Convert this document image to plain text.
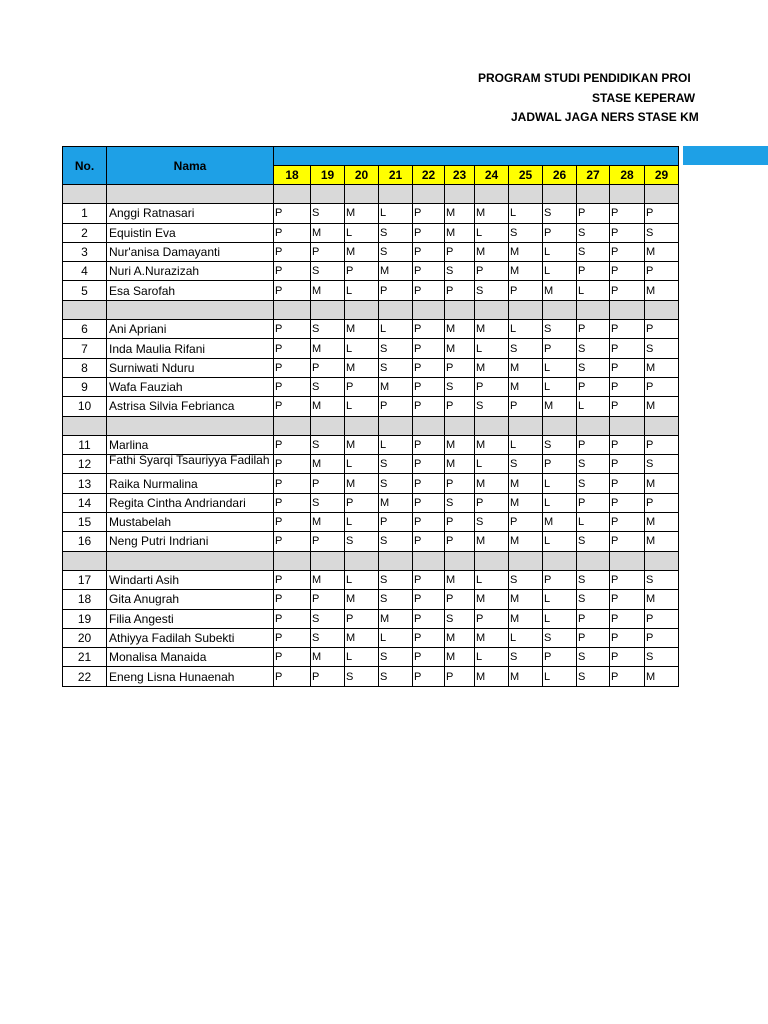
PROGRAM STUDI PENDIDIKAN PROI
STASE KEPERAW
JADWAL JAGA NERS STASE KM
No.	Nama												
		18	19	20	21	22	23	24	25	26	27	28	29

1	Anggi Ratnasari	P	S	M	L	P	M	M	L	S	P	P	P
2	Equistin Eva	P	M	L	S	P	M	L	S	P	S	P	S
3	Nur'anisa Damayanti	P	P	M	S	P	P	M	M	L	S	P	M
4	Nuri A.Nurazizah	P	S	P	M	P	S	P	M	L	P	P	P
5	Esa Sarofah	P	M	L	P	P	P	S	P	M	L	P	M

6	Ani Apriani	P	S	M	L	P	M	M	L	S	P	P	P
7	Inda Maulia Rifani	P	M	L	S	P	M	L	S	P	S	P	S
8	Surniwati Nduru	P	P	M	S	P	P	M	M	L	S	P	M
9	Wafa Fauziah	P	S	P	M	P	S	P	M	L	P	P	P
10	Astrisa Silvia Febrianca	P	M	L	P	P	P	S	P	M	L	P	M

11	Marlina	P	S	M	L	P	M	M	L	S	P	P	P
12	Fathi Syarqi Tsauriyya Fadilah	P	M	L	S	P	M	L	S	P	S	P	S
13	Raika Nurmalina	P	P	M	S	P	P	M	M	L	S	P	M
14	Regita Cintha Andriandari	P	S	P	M	P	S	P	M	L	P	P	P
15	Mustabelah	P	M	L	P	P	P	S	P	M	L	P	M
16	Neng Putri Indriani	P	P	S	S	P	P	M	M	L	S	P	M

17	Windarti Asih	P	M	L	S	P	M	L	S	P	S	P	S
18	Gita Anugrah	P	P	M	S	P	P	M	M	L	S	P	M
19	Filia Angesti	P	S	P	M	P	S	P	M	L	P	P	P
20	Athiyya Fadilah Subekti	P	S	M	L	P	M	M	L	S	P	P	P
21	Monalisa Manaida	P	M	L	S	P	M	L	S	P	S	P	S
22	Eneng Lisna Hunaenah	P	P	S	S	P	P	M	M	L	S	P	M
